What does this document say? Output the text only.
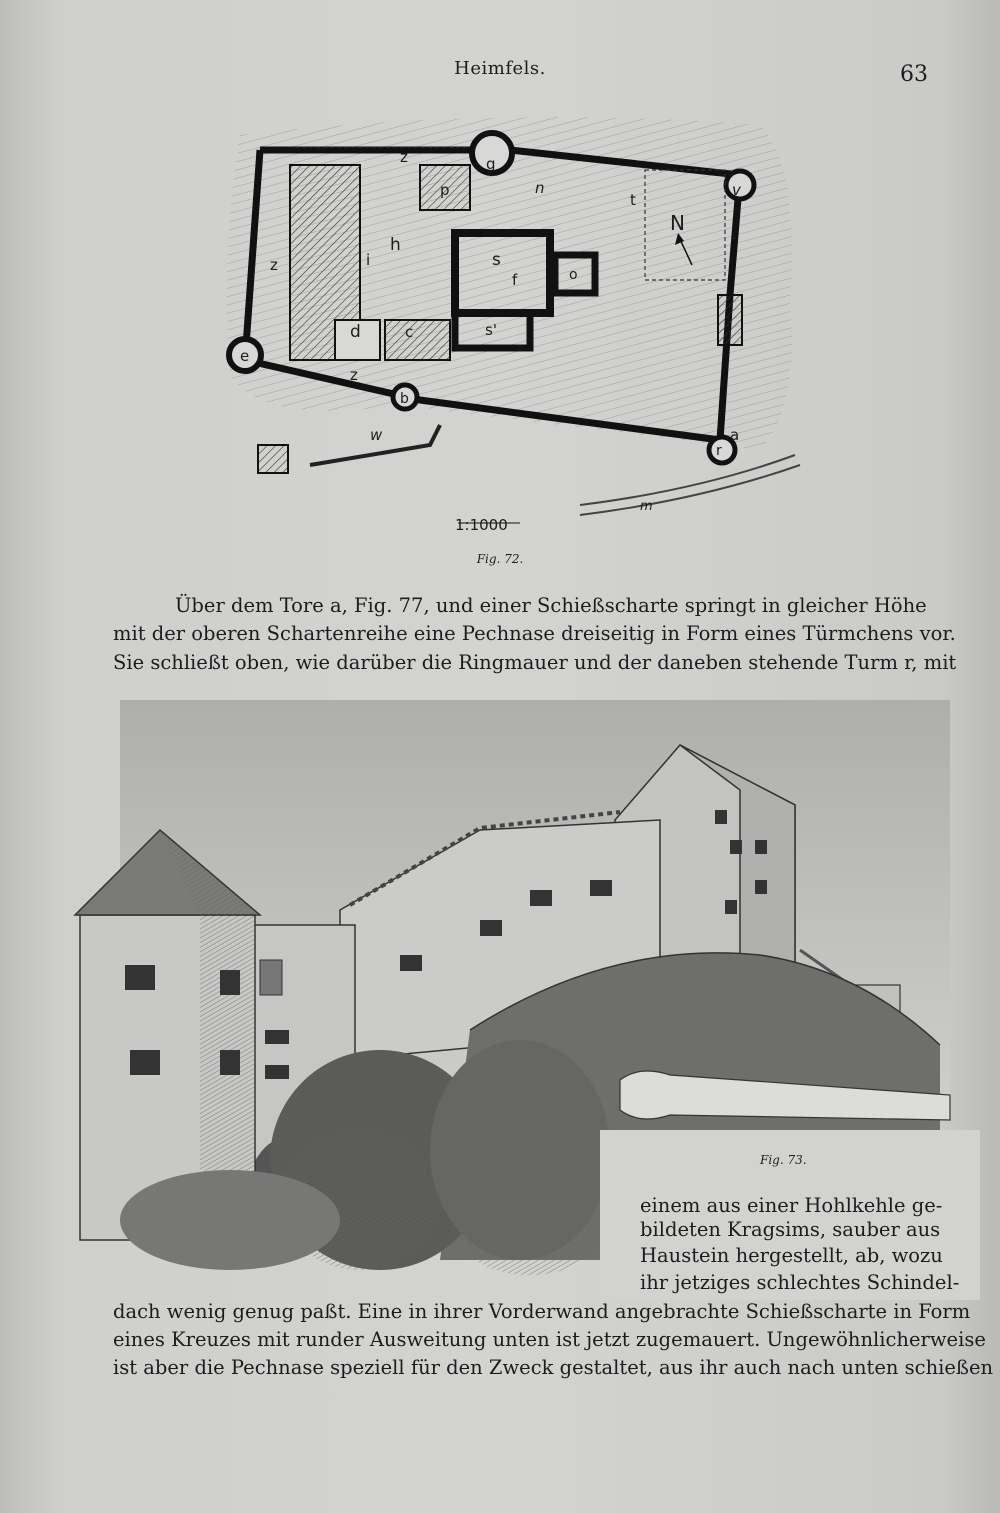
Heimfels.	63
1:1000
z	g
n	v
p
t
N
h
i
z	s
f	o
s'	l
d	c
e
z
b
w	a
r
m
Fig. 72.
Über dem Tore a, Fig. 77, und einer Schießscharte springt in gleicher Höhe
mit der oberen Schartenreihe eine Pechnase dreiseitig in Form eines Türmchens vor.
Sie schließt oben, wie darüber die Ringmauer und der daneben stehende Turm r, mit
Fig. 73.
einem aus einer Hohlkehle ge-
bildeten Kragsims, sauber aus
Haustein hergestellt, ab, wozu
ihr jetziges schlechtes Schindel-
dach wenig genug paßt. Eine in ihrer Vorderwand angebrachte Schießscharte in Form
eines Kreuzes mit runder Ausweitung unten ist jetzt zugemauert. Ungewöhnlicherweise
ist aber die Pechnase speziell für den Zweck gestaltet, aus ihr auch nach unten schießen
